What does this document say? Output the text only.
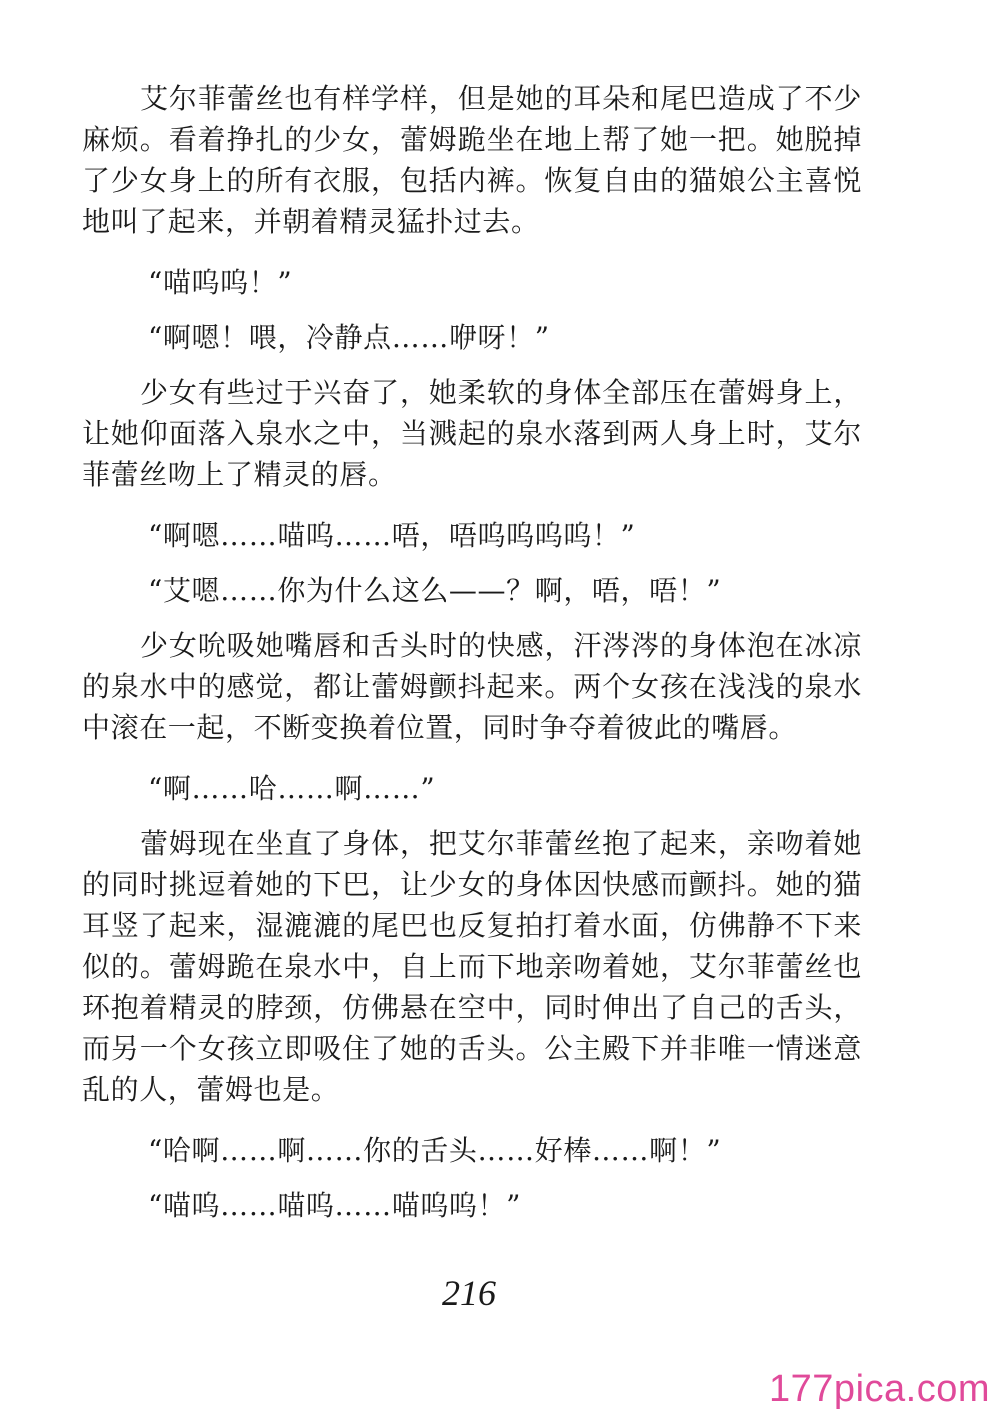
艾尔菲蕾丝也有样学样，但是她的耳朵和尾巴造成了不少麻烦。看着挣扎的少女，蕾姆跪坐在地上帮了她一把。她脱掉了少女身上的所有衣服，包括内裤。恢复自由的猫娘公主喜悦地叫了起来，并朝着精灵猛扑过去。

“喵呜呜！”

“啊嗯！喂，冷静点……咿呀！”

少女有些过于兴奋了，她柔软的身体全部压在蕾姆身上，让她仰面落入泉水之中，当溅起的泉水落到两人身上时，艾尔菲蕾丝吻上了精灵的唇。

“啊嗯……喵呜……唔，唔呜呜呜呜！”

“艾嗯……你为什么这么——？啊，唔，唔！”

少女吮吸她嘴唇和舌头时的快感，汗涔涔的身体泡在冰凉的泉水中的感觉，都让蕾姆颤抖起来。两个女孩在浅浅的泉水中滚在一起，不断变换着位置，同时争夺着彼此的嘴唇。

“啊……哈……啊……”

蕾姆现在坐直了身体，把艾尔菲蕾丝抱了起来，亲吻着她的同时挑逗着她的下巴，让少女的身体因快感而颤抖。她的猫耳竖了起来，湿漉漉的尾巴也反复拍打着水面，仿佛静不下来似的。蕾姆跪在泉水中，自上而下地亲吻着她，艾尔菲蕾丝也环抱着精灵的脖颈，仿佛悬在空中，同时伸出了自己的舌头，而另一个女孩立即吸住了她的舌头。公主殿下并非唯一情迷意乱的人，蕾姆也是。

“哈啊……啊……你的舌头……好棒……啊！”

“喵呜……喵呜……喵呜呜！”

216
177pica.com
